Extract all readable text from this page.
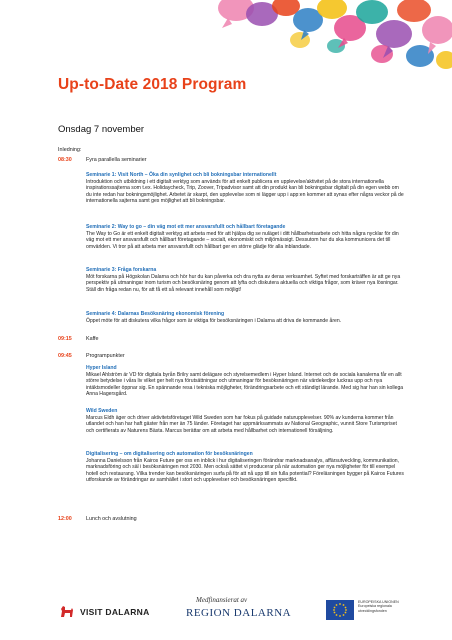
Up-to-Date 2018 Program
Onsdag 7 november
Inledning:
08:30	Fyra parallella seminarier
Seminarie 1: Visit North – Öka din synlighet och bli bokningsbar internationellt
Introduktion och utbildning i ett digitalt verktyg som används för att enkelt publicera en upplevelse/aktivitet på de stora internationella inspirationssajterna som t.ex. Holidaycheck, Trip, Zoover, Tripadvisor samt att din produkt kan bli bokningsbar digitalt på din egen webb om du inte redan har bokningsmöjlighet. Arbetet är skarpt, den upplevelse som ni lägger upp i app:en kommer att synas efter några veckor på de internationella sajterna samt ges möjlighet att bli bokningsbar.
Seminarie 2: Way to go – din väg mot ett mer ansvarsfullt och hållbart företagande
The Way to Go är ett enkelt digitalt verktyg att arbeta med för att hjälpa dig se nuläget i ditt hållbarhetsarbete och hitta några nycklar för din väg mot ett mer ansvarsfullt och hållbart företagande – socialt, ekonomiskt och miljömässigt. Dessutom hur du ska kommunicera det till omvärlden. Vi tror på att arbeta mer ansvarsfullt och hållbart ger en större glädje för alla inblandade.
Seminarie 3: Fråga forskarna
Möt forskarna på Högskolan Dalarna och hör hur du kan påverka och dra nytta av deras verksamhet. Syftet med forskarträffen är att ge nya perspektiv på utmaningar inom turism och besöksnäring genom att lyfta och diskutera aktuella och viktiga frågor, som kräver nya lösningar. Ställ din fråga redan nu, för att få ett så relevant innehåll som möjligt!
Seminarie 4: Dalarnas Besöksnäring ekonomisk förening
Öppet möte för att diskutera vilka frågor som är viktiga för besöksnäringen i Dalarna att driva de kommande åren.
09:15	Kaffe
09:45	Programpunkter
Hyper Island
Mikael Ahlström är VD för digitala byrån Brilry samt delägare och styrelsemedlem i Hyper Island. Internet och de sociala kanalerna får en allt större betydelse i våra liv vilket ger helt nya förutsättningar och utmaningar för besöksnäringen när värdekedjor luckras upp och nya intäktsmodeller öppnar sig. En spännande resa i tekniska möjligheter, förändringsarbete och ett ständigt lärande. Med sig har han sin kollega Anna Hagersgård.
Wild Sweden
Marcus Eldh äger och driver aktivitetsföretaget Wild Sweden som har fokus på guidade naturupplevelser. 90% av kunderna kommer från utlandet och han har haft gäster från mer än 75 länder. Företaget har uppmärksammats av National Geographic, vunnit Store Turismpriset och certifierats av Naturens Bästa. Marcus berättar om att arbeta med hållbarhet och internationell försäljning.
Digitalisering – om digitalisering och automation för besöksnäringen
Johanna Danielsson från Kairos Future ger oss en inblick i hur digitaliseringen förändrar marknadsanalys, affärsutveckling, kommunikation, marknadsföring och säl i besöksnäringen mot 2030. Men också sättet vi producerar på när automation ger nya möjligheter för till exempel hotell och restaurang. Vilka trender kan besöksnäringen surfa på för att nå upp till sin fulla potential? Föreläsningen bygger på Kairos Futures utforskande av förändringar av samhället i stort och upplevelser och besöksnäringen specifikt.
12:00	Lunch och avslutning
VISIT DALARNA
Medfinansierat av
REGION DALARNA
EUROPEISKA UNIONEN Europeiska regionala utvecklingsfonden
